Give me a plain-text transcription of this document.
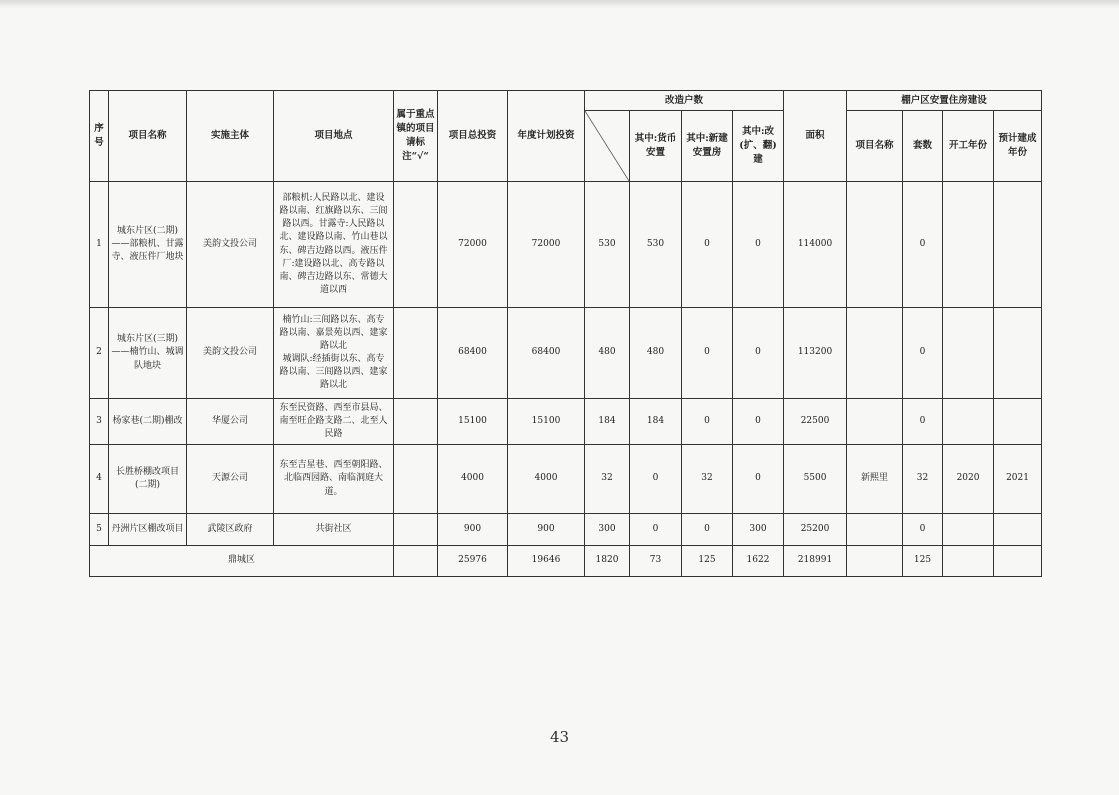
序号	项目名称	实施主体	项目地点	属于重点镇的项目请标注“√“	项目总投资	年度计划投资	改造户数				面积	棚户区安置住房建设			

	其中:货币安置	其中:新建安置房	其中:改(扩、翻)建		项目名称	套数	开工年份	预计建成年份
1	城东片区(二期)——部粮机、甘露寺、液压件厂地块	美韵文投公司	部粮机:人民路以北、建设路以南、红旗路以东、三闾路以西。甘露寺:人民路以北、建设路以南、竹山巷以东、碑吉边路以西。液压件厂:建设路以北、高专路以南、碑吉边路以东、常德大道以西		72000	72000	530	530	0	0	114000		0		
2	城东片区(三期)——楠竹山、城调队地块	美韵文投公司	楠竹山:三闾路以东、高专路以南、嘉景苑以西、建家路以北
城调队:经插街以东、高专路以南、三闾路以西、建家路以北		68400	68400	480	480	0	0	113200		0		
3	杨家巷(二期)棚改	华厦公司	东至民资路、西至市县局、南至旺企路支路二、北至人民路		15100	15100	184	184	0	0	22500		0		
4	长胜桥棚改项目(二期)	天源公司	东至吉星巷、西至朝阳路、北临西园路、南临洞庭大道。		4000	4000	32	0	32	0	5500	新熙里	32	2020	2021
5	丹洲片区棚改项目	武陵区政府	共街社区		900	900	300	0	0	300	25200		0		
鼎城区					25976	19646	1820	73	125	1622	218991		125		
43
